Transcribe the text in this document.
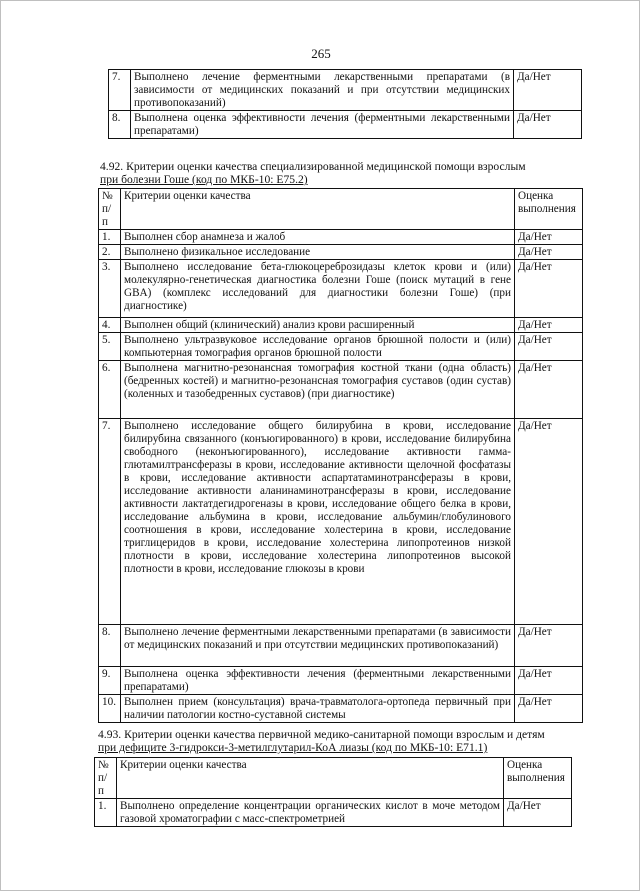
265
7.	Выполнено лечение ферментными лекарственными препаратами (в зависимости от медицинских показаний и при отсутствии медицинских противопоказаний)	Да/Нет
8.	Выполнена оценка эффективности лечения (ферментными лекарственными препаратами)	Да/Нет
4.92. Критерии оценки качества специализированной медицинской помощи взрослым
при болезни Гоше (код по МКБ-10: E75.2)
№ п/п	Критерии оценки качества	Оценка выполнения
1.	Выполнен сбор анамнеза и жалоб	Да/Нет
2.	Выполнено физикальное исследование	Да/Нет
3.	Выполнено исследование бета-глюкоцереброзидазы клеток крови и (или) молекулярно-генетическая диагностика болезни Гоше (поиск мутаций в гене GBA) (комплекс исследований для диагностики болезни Гоше) (при диагностике)	Да/Нет
4.	Выполнен общий (клинический) анализ крови расширенный	Да/Нет
5.	Выполнено ультразвуковое исследование органов брюшной полости и (или) компьютерная томография органов брюшной полости	Да/Нет
6.	Выполнена магнитно-резонансная томография костной ткани (одна область) (бедренных костей) и магнитно-резонансная томография суставов (один сустав) (коленных и тазобедренных суставов) (при диагностике)	Да/Нет
7.	Выполнено исследование общего билирубина в крови, исследование билирубина связанного (конъюгированного) в крови, исследование билирубина свободного (неконъюгированного), исследование активности гамма-глютамилтрансферазы в крови, исследование активности щелочной фосфатазы в крови, исследование активности аспартатаминотрансферазы в крови, исследование активности аланинаминотрансферазы в крови, исследование активности лактатдегидрогеназы в крови, исследование общего белка в крови, исследование альбумина в крови, исследование альбумин/глобулинового соотношения в крови, исследование холестерина в крови, исследование триглицеридов в крови, исследование холестерина липопротеинов низкой плотности в крови, исследование холестерина липопротеинов высокой плотности в крови, исследование глюкозы в крови	Да/Нет
8.	Выполнено лечение ферментными лекарственными препаратами (в зависимости от медицинских показаний и при отсутствии медицинских противопоказаний)	Да/Нет
9.	Выполнена оценка эффективности лечения (ферментными лекарственными препаратами)	Да/Нет
10.	Выполнен прием (консультация) врача-травматолога-ортопеда первичный при наличии патологии костно-суставной системы	Да/Нет
4.93. Критерии оценки качества первичной медико-санитарной помощи взрослым и детям
при дефиците 3-гидрокси-3-метилглутарил-КоА лиазы (код по МКБ-10: E71.1)
№ п/п	Критерии оценки качества	Оценка выполнения
1.	Выполнено определение концентрации органических кислот в моче методом газовой хроматографии с масс-спектрометрией	Да/Нет
